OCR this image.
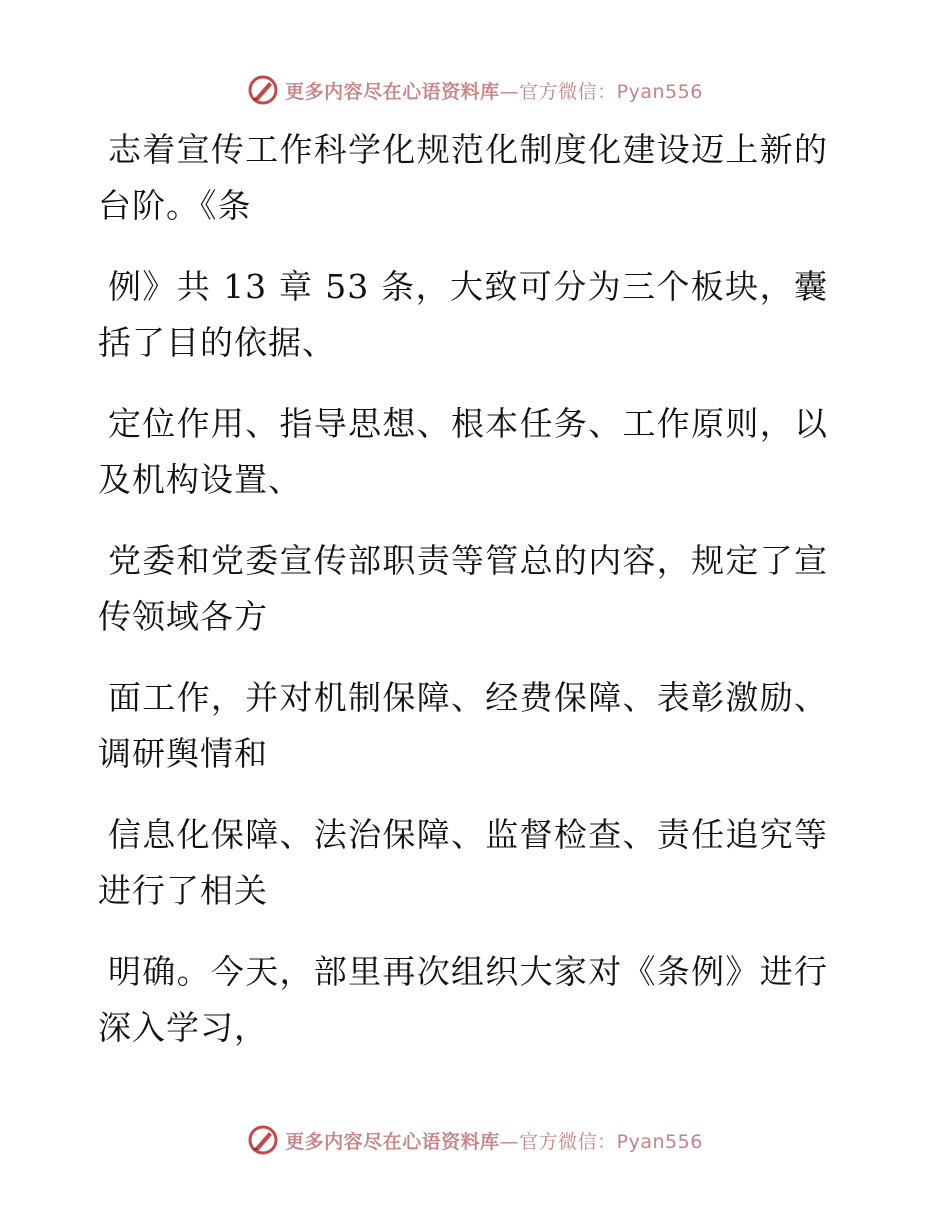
更多内容尽在心语资料库—官方微信：Pyan556

志着宣传工作科学化规范化制度化建设迈上新的
台阶。《条

例》共 13 章 53 条，大致可分为三个板块，囊
括了目的依据、

定位作用、指导思想、根本任务、工作原则，以
及机构设置、

党委和党委宣传部职责等管总的内容，规定了宣
传领域各方

面工作，并对机制保障、经费保障、表彰激励、
调研舆情和

信息化保障、法治保障、监督检查、责任追究等
进行了相关

明确。今天，部里再次组织大家对《条例》进行
深入学习，

更多内容尽在心语资料库—官方微信：Pyan556
